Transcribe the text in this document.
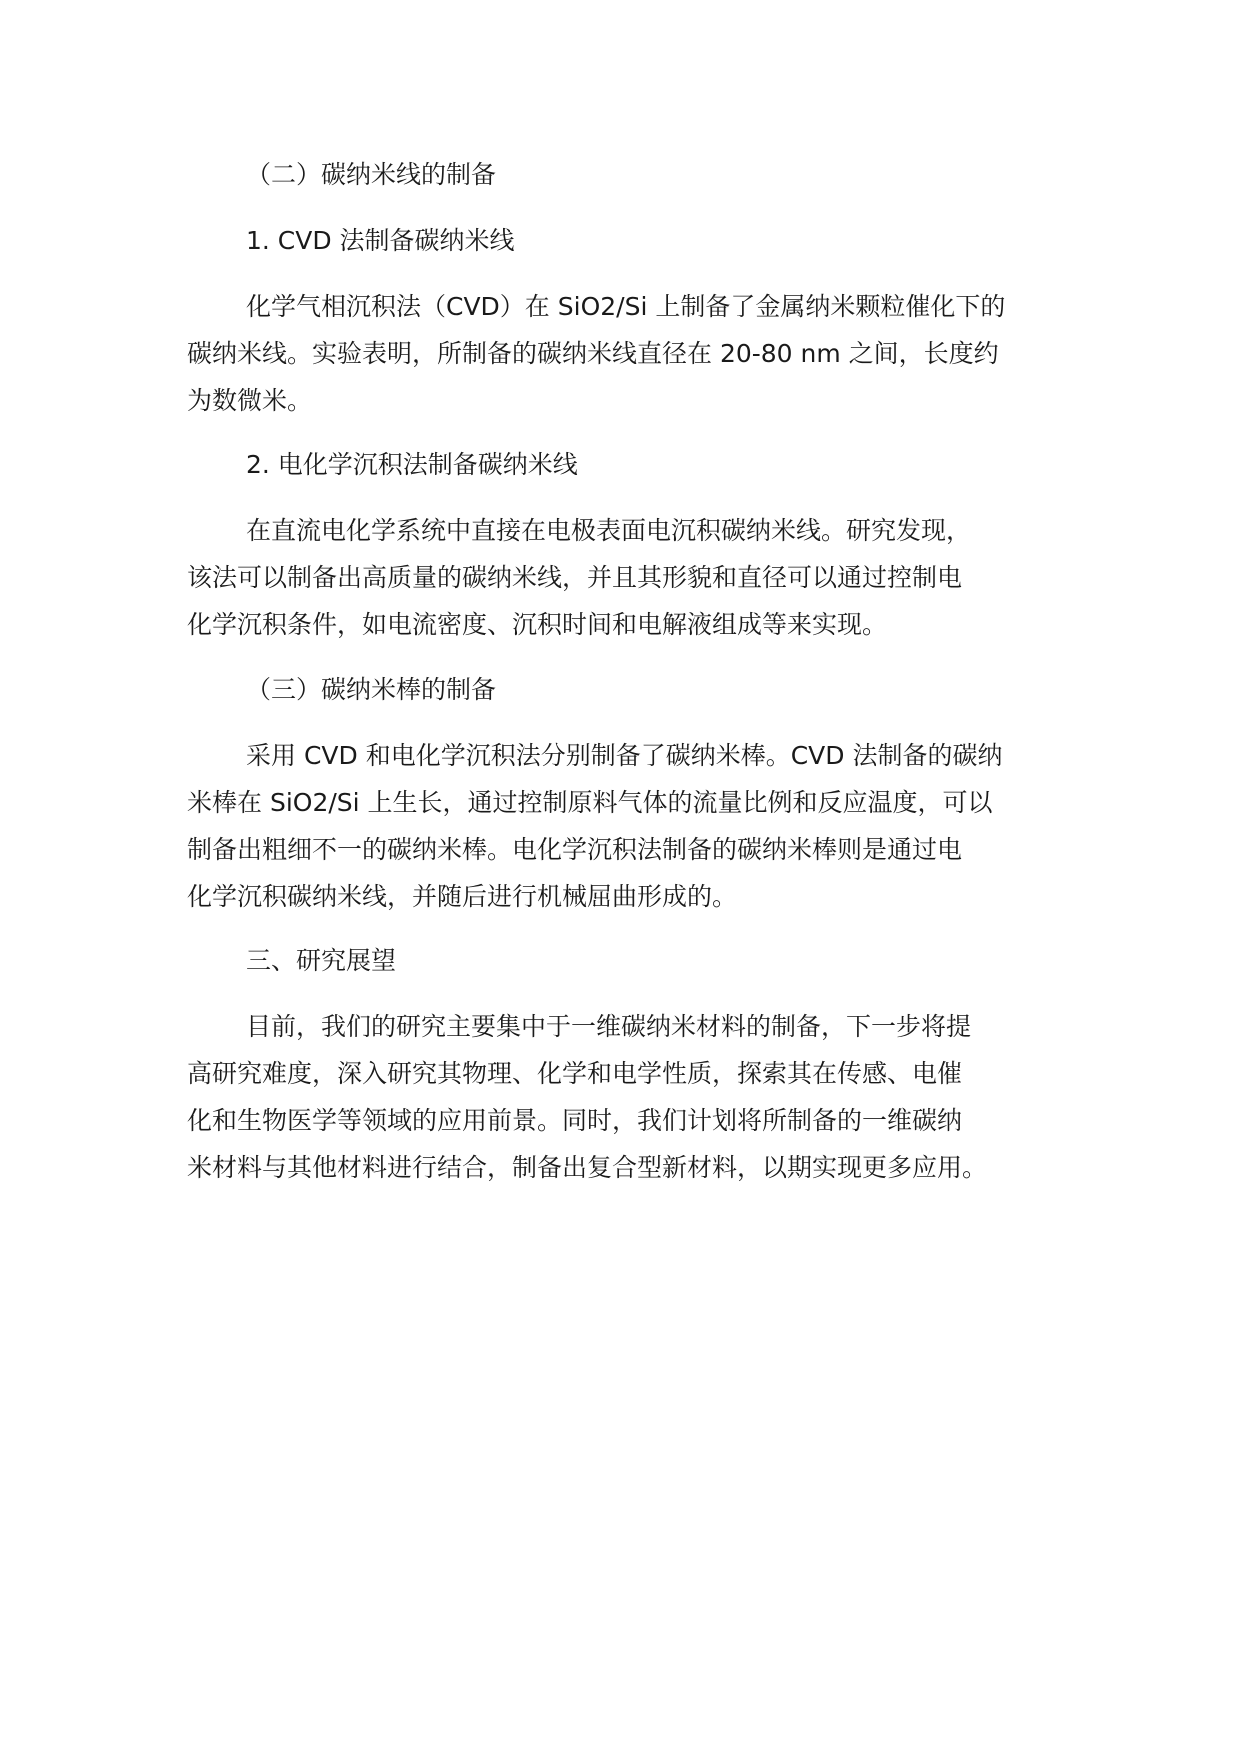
（二）碳纳米线的制备
1. CVD 法制备碳纳米线
化学气相沉积法（CVD）在 SiO2/Si 上制备了金属纳米颗粒催化下的
碳纳米线。实验表明，所制备的碳纳米线直径在 20-80 nm 之间，长度约
为数微米。
2. 电化学沉积法制备碳纳米线
在直流电化学系统中直接在电极表面电沉积碳纳米线。研究发现，
该法可以制备出高质量的碳纳米线，并且其形貌和直径可以通过控制电
化学沉积条件，如电流密度、沉积时间和电解液组成等来实现。
（三）碳纳米棒的制备
采用 CVD 和电化学沉积法分别制备了碳纳米棒。CVD 法制备的碳纳
米棒在 SiO2/Si 上生长，通过控制原料气体的流量比例和反应温度，可以
制备出粗细不一的碳纳米棒。电化学沉积法制备的碳纳米棒则是通过电
化学沉积碳纳米线，并随后进行机械屈曲形成的。
三、研究展望
目前，我们的研究主要集中于一维碳纳米材料的制备，下一步将提
高研究难度，深入研究其物理、化学和电学性质，探索其在传感、电催
化和生物医学等领域的应用前景。同时，我们计划将所制备的一维碳纳
米材料与其他材料进行结合，制备出复合型新材料，以期实现更多应用。
